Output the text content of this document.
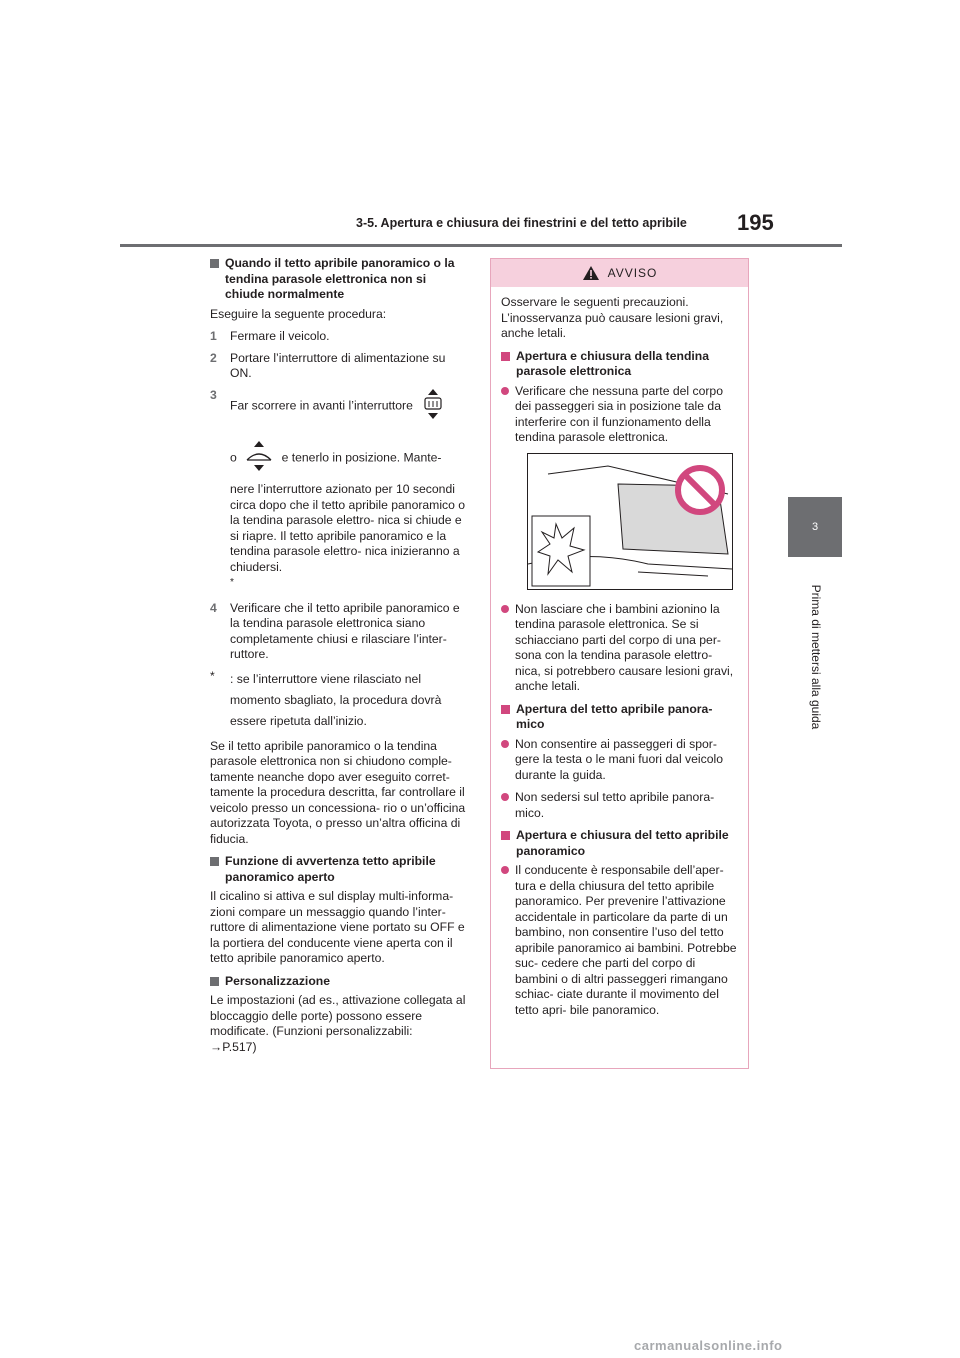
3-5. Apertura e chiusura dei finestrini e del tetto apribile	195
3
Prima di mettersi alla guida
Quando il tetto apribile panoramico o la tendina parasole elettronica non si chiude normalmente

Eseguire la seguente procedura:

1	Fermare il veicolo.
2	Portare l’interruttore di alimentazione su ON.
3
Far scorrere in avanti l’interruttore

o	e tenerlo in posizione. Mante-
nere l’interruttore azionato per 10 secondi circa dopo che il tetto apribile panoramico o la tendina parasole elettro- nica si chiude e si riapre. Il tetto apribile panoramico e la tendina parasole elettro- nica inizieranno a chiudersi.*
4	Verificare che il tetto apribile panoramico e la tendina parasole elettronica siano completamente chiusi e rilasciare l’inter- ruttore.
*	: se l’interruttore viene rilasciato nel momento sbagliato, la procedura dovrà essere ripetuta dall’inizio.

Se il tetto apribile panoramico o la tendina parasole elettronica non si chiudono comple- tamente neanche dopo aver eseguito corret- tamente la procedura descritta, far controllare il veicolo presso un concessiona- rio o un’officina autorizzata Toyota, o presso un’altra officina di fiducia.

Funzione di avvertenza tetto apribile panoramico aperto

Il cicalino si attiva e sul display multi-informa- zioni compare un messaggio quando l’inter- ruttore di alimentazione viene portato su OFF e la portiera del conducente viene aperta con il tetto apribile panoramico aperto.

Personalizzazione

Le impostazioni (ad es., attivazione collegata al bloccaggio delle porte) possono essere modificate. (Funzioni personalizzabili:
→P.517)

AVVISO

Osservare le seguenti precauzioni. L’inosservanza può causare lesioni gravi, anche letali.

Apertura e chiusura della tendina parasole elettronica
Verificare che nessuna parte del corpo dei passeggeri sia in posizione tale da interferire con il funzionamento della tendina parasole elettronica.
Non lasciare che i bambini azionino la tendina parasole elettronica. Se si schiacciano parti del corpo di una per- sona con la tendina parasole elettro- nica, si potrebbero causare lesioni gravi, anche letali.
Apertura del tetto apribile panora- mico
Non consentire ai passeggeri di spor- gere la testa o le mani fuori dal veicolo durante la guida.
Non sedersi sul tetto apribile panora- mico.
Apertura e chiusura del tetto apribile panoramico
Il conducente è responsabile dell’aper- tura e della chiusura del tetto apribile panoramico. Per prevenire l’attivazione accidentale in particolare da parte di un bambino, non consentire l’uso del tetto apribile panoramico ai bambini. Potrebbe suc- cedere che parti del corpo di bambini o di altri passeggeri rimangano schiac- ciate durante il movimento del tetto apri- bile panoramico.
carmanualsonline.info
